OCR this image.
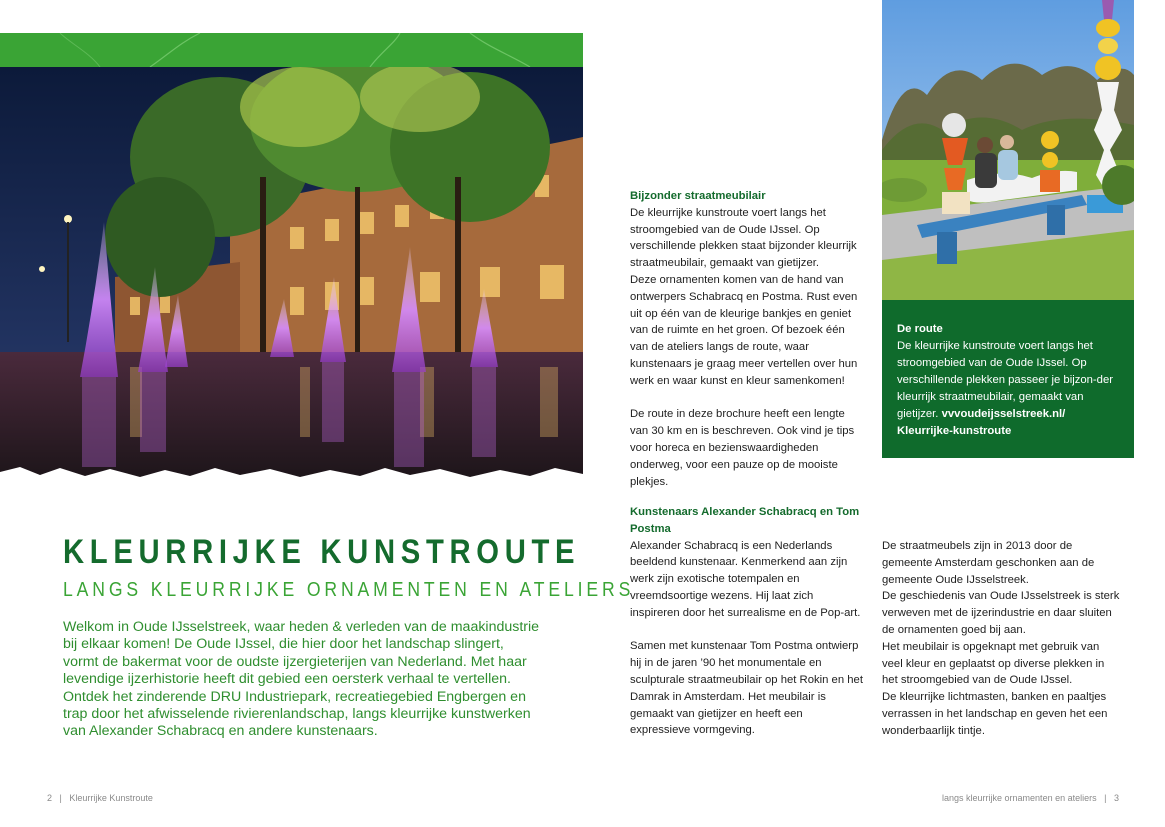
De route
De kleurrijke kunstroute voert langs het stroomgebied van de Oude IJssel. Op verschillende plekken passeer je bijzon-der kleurrijk straatmeubilair, gemaakt van gietijzer. vvvoudeijsselstreek.nl/ Kleurrijke-kunstroute
KLEURRIJKE KUNSTROUTE
LANGS KLEURRIJKE ORNAMENTEN EN ATELIERS
Welkom in Oude IJsselstreek, waar heden & verleden van de maakindustrie bij elkaar komen! De Oude IJssel, die hier door het landschap slingert, vormt de bakermat voor de oudste ijzergieterijen van Nederland. Met haar levendige ijzerhistorie heeft dit gebied een oersterk verhaal te vertellen. Ontdek het zinderende DRU Industriepark, recreatiegebied Engbergen en trap door het afwisselende rivierenlandschap, langs kleurrijke kunstwerken van Alexander Schabracq en andere kunstenaars.
Bijzonder straatmeubilair

De kleurrijke kunstroute voert langs het stroomgebied van de Oude IJssel. Op verschillende plekken staat bijzonder kleurrijk straatmeubilair, gemaakt van gietijzer.

Deze ornamenten komen van de hand van ontwerpers Schabracq en Postma. Rust even uit op één van de kleurige bankjes en geniet van de ruimte en het groen. Of bezoek één van de ateliers langs de route, waar kunstenaars je graag meer vertellen over hun werk en waar kunst en kleur samenkomen!

De route in deze brochure heeft een lengte van 30 km en is beschreven. Ook vind je tips voor horeca en bezienswaardigheden onderweg, voor een pauze op de mooiste plekjes.

Kunstenaars Alexander Schabracq en Tom Postma

Alexander Schabracq is een Nederlands beeldend kunstenaar. Kenmerkend aan zijn werk zijn exotische totempalen en vreemdsoortige wezens. Hij laat zich inspireren door het surrealisme en de Pop-art.

Samen met kunstenaar Tom Postma ontwierp hij in de jaren ’90 het monumentale en sculpturale straatmeubilair op het Rokin en het Damrak in Amsterdam. Het meubilair is gemaakt van gietijzer en heeft een expressieve vormgeving.

De straatmeubels zijn in 2013 door de gemeente Amsterdam geschonken aan de gemeente Oude IJsselstreek.

De geschiedenis van Oude IJsselstreek is sterk verweven met de ijzerindustrie en daar sluiten de ornamenten goed bij aan.

Het meubilair is opgeknapt met gebruik van veel kleur en geplaatst op diverse plekken in het stroomgebied van de Oude IJssel.

De kleurrijke lichtmasten, banken en paaltjes verrassen in het landschap en geven het een wonderbaarlijk tintje.

2 | Kleurrijke Kunstroute	langs kleurrijke ornamenten en ateliers | 3
